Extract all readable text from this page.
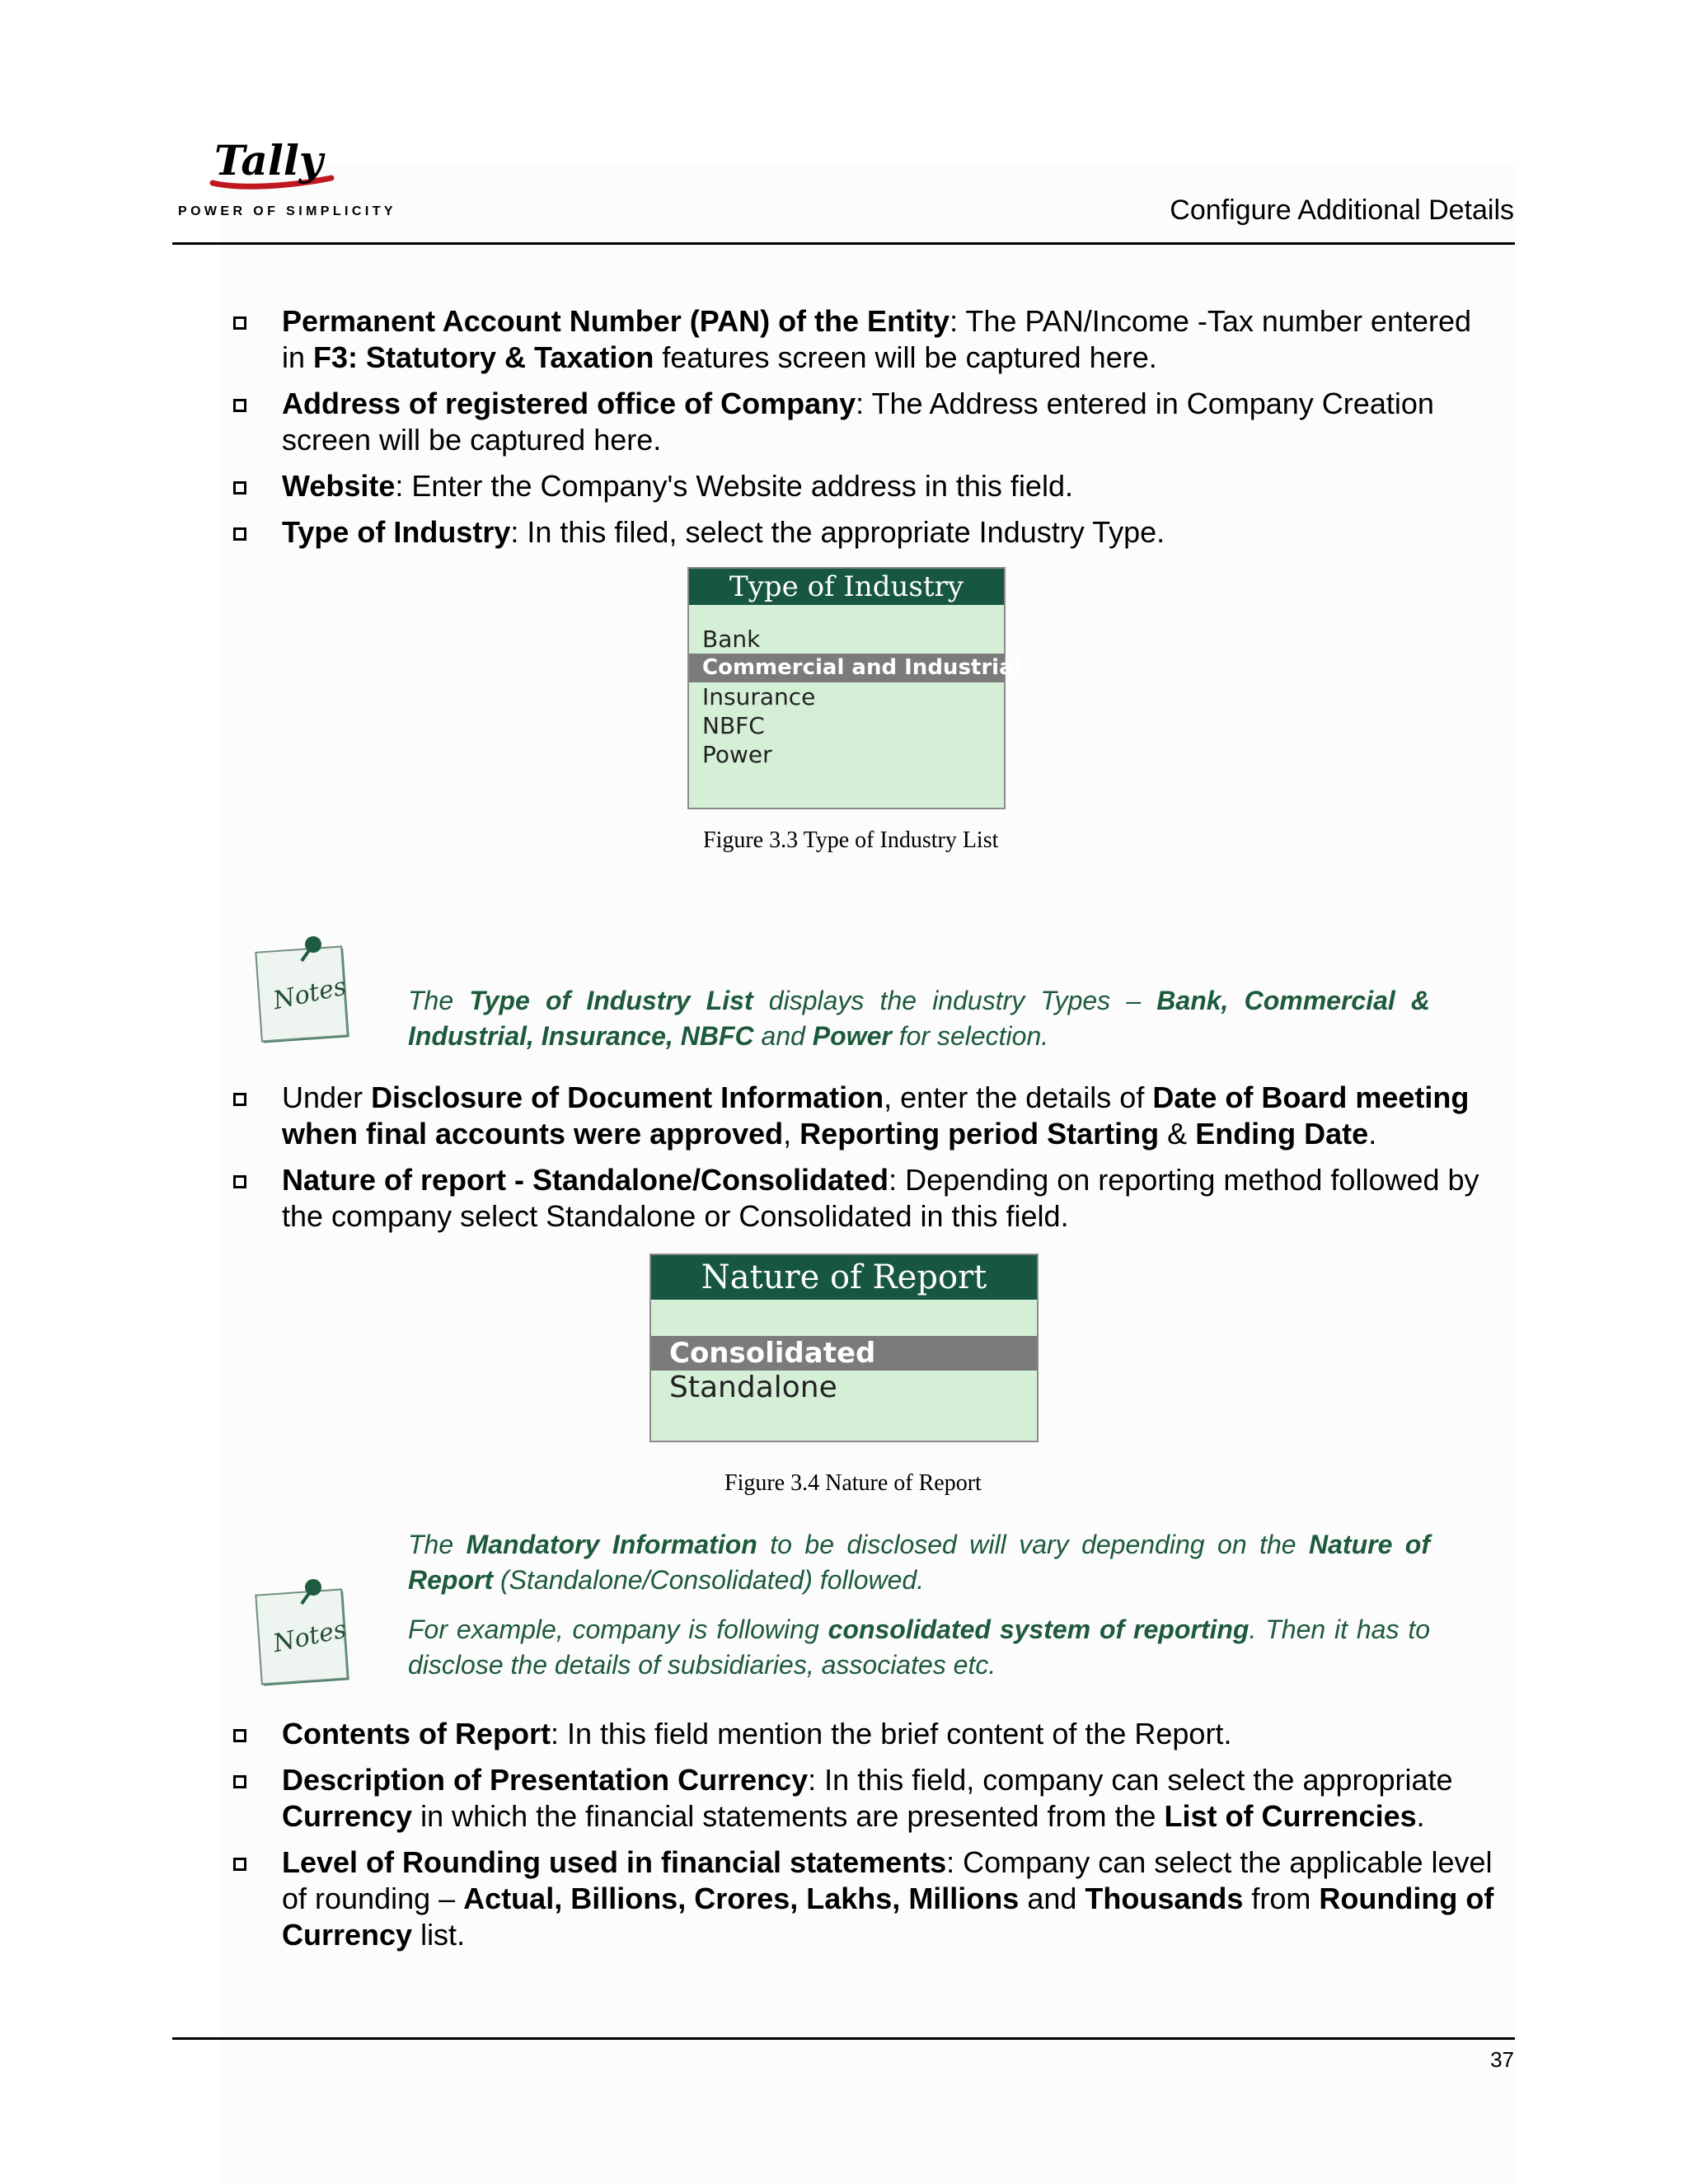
Tally
POWER OF SIMPLICITY	Configure Additional Details
Permanent Account Number (PAN) of the Entity: The PAN/Income -Tax number entered in F3: Statutory & Taxation features screen will be captured here.
Address of registered office of Company: The Address entered in Company Creation screen will be captured here.
Website: Enter the Company's Website address in this field.
Type of Industry: In this filed, select the appropriate Industry Type.
Type of Industry
Bank
Commercial and Industrial
Insurance
NBFC
Power
Figure 3.3 Type of Industry List
Notes The Type of Industry List displays the industry Types – Bank, Commercial & Industrial, Insurance, NBFC and Power for selection.

Under Disclosure of Document Information, enter the details of Date of Board meeting when final accounts were approved, Reporting period Starting & Ending Date.
Nature of report - Standalone/Consolidated: Depending on reporting method followed by the company select Standalone or Consolidated in this field.
Nature of Report
Consolidated
Standalone
Figure 3.4 Nature of Report
Notes

The Mandatory Information to be disclosed will vary depending on the Nature of Report (Standalone/Consolidated) followed.

For example, company is following consolidated system of reporting. Then it has to disclose the details of subsidiaries, associates etc.

Contents of Report: In this field mention the brief content of the Report.
Description of Presentation Currency: In this field, company can select the appropriate Currency in which the financial statements are presented from the List of Currencies.
Level of Rounding used in financial statements: Company can select the applicable level of rounding – Actual, Billions, Crores, Lakhs, Millions and Thousands from Rounding of Currency list.
37
